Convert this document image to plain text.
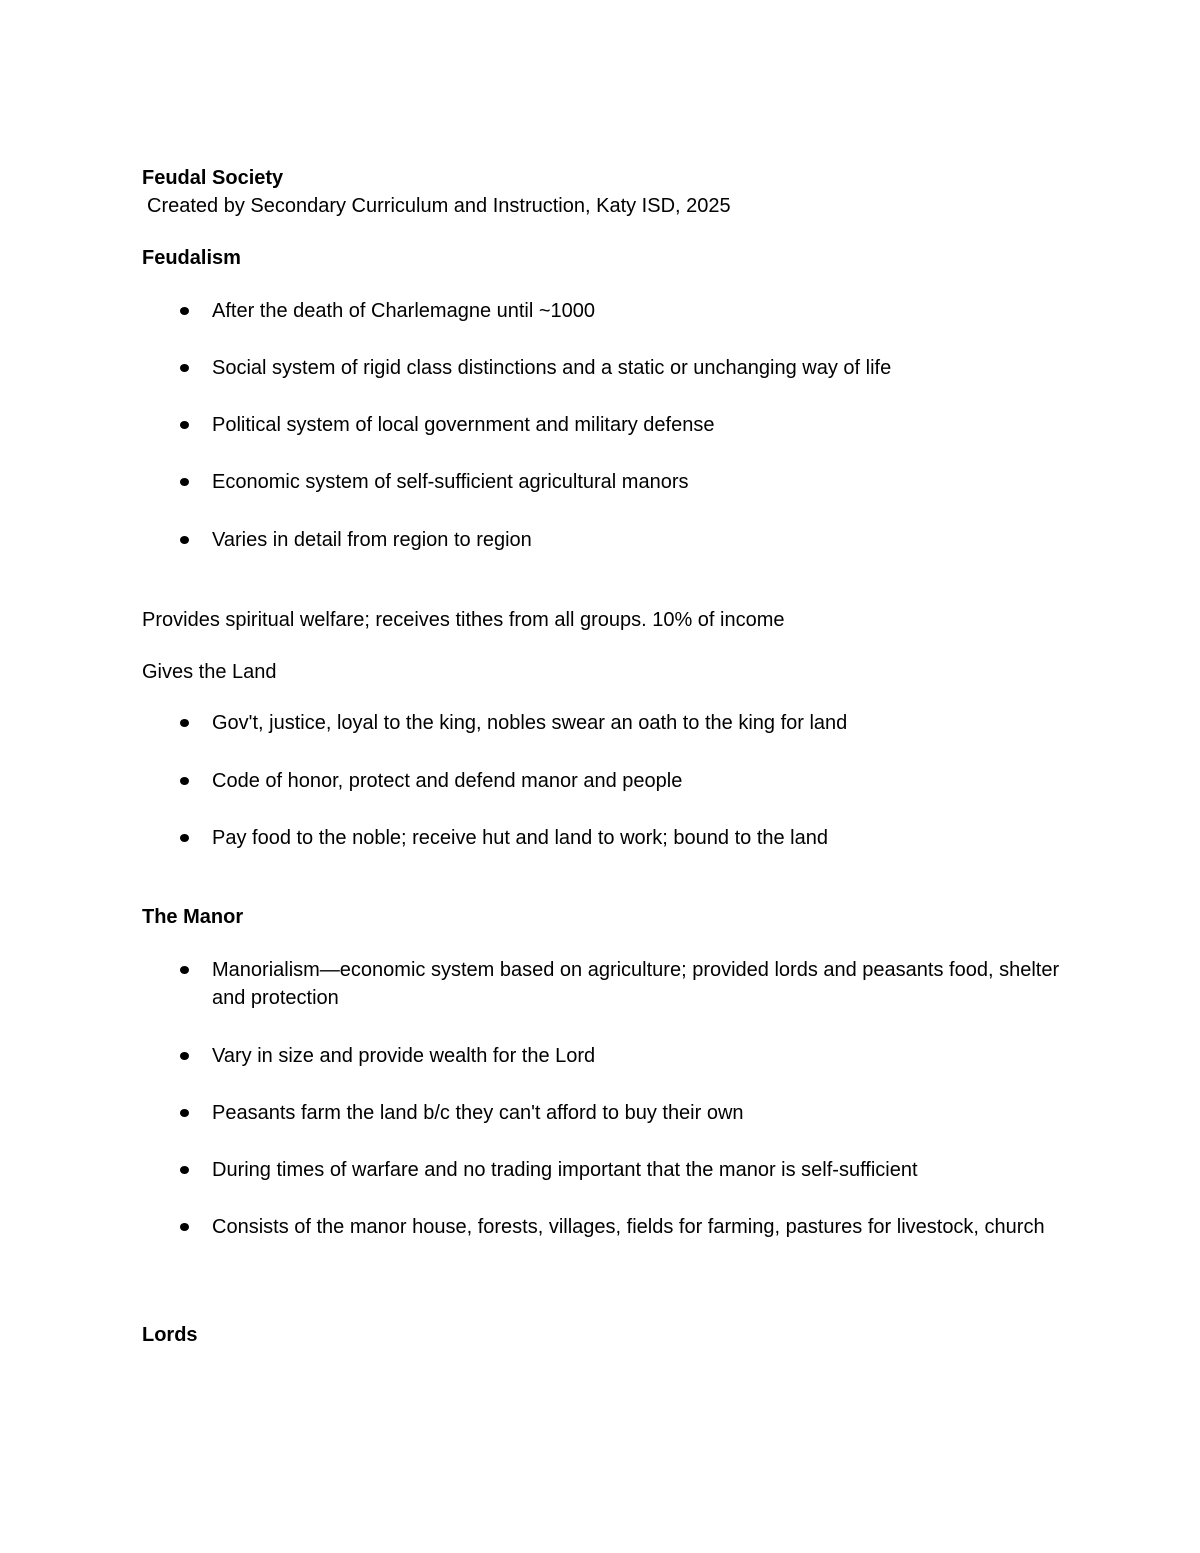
Feudal Society
Created by Secondary Curriculum and Instruction, Katy ISD, 2025
Feudalism
After the death of Charlemagne until ~1000
Social system of rigid class distinctions and a static or unchanging way of life
Political system of local government and military defense
Economic system of self-sufficient agricultural manors
Varies in detail from region to region
Provides spiritual welfare; receives tithes from all groups. 10% of income
Gives the Land
Gov't, justice, loyal to the king, nobles swear an oath to the king for land
Code of honor, protect and defend manor and people
Pay food to the noble; receive hut and land to work; bound to the land
The Manor
Manorialism—economic system based on agriculture; provided lords and peasants food, shelter and protection
Vary in size and provide wealth for the Lord
Peasants farm the land b/c they can't afford to buy their own
During times of warfare and no trading important that the manor is self-sufficient
Consists of the manor house, forests, villages, fields for farming, pastures for livestock, church
Lords
